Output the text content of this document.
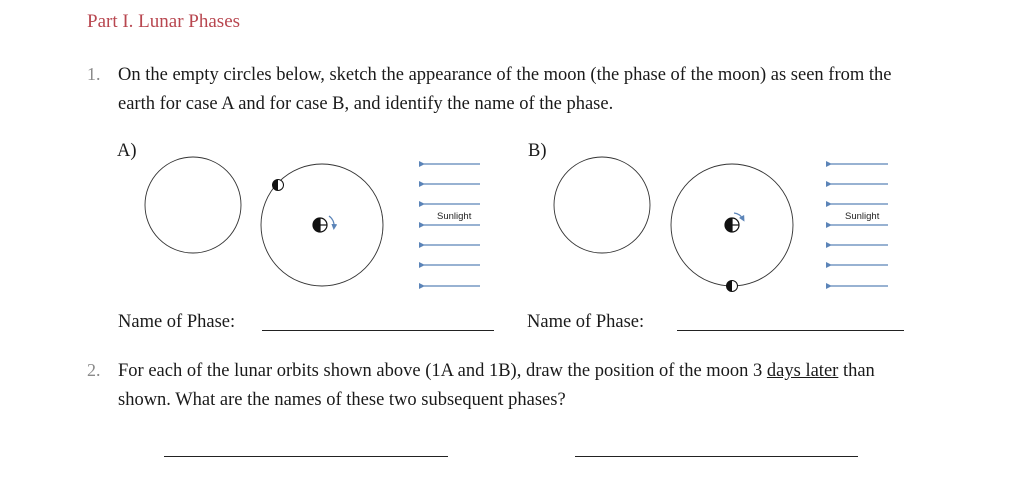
Part I. Lunar Phases
1. On the empty circles below, sketch the appearance of the moon (the phase of the moon) as seen from the earth for case A and for case B, and identify the name of the phase.
A)	B)
Sunlight	Sunlight
Name of Phase:	Name of Phase:
2. For each of the lunar orbits shown above (1A and 1B), draw the position of the moon 3 days later than shown. What are the names of these two subsequent phases?
